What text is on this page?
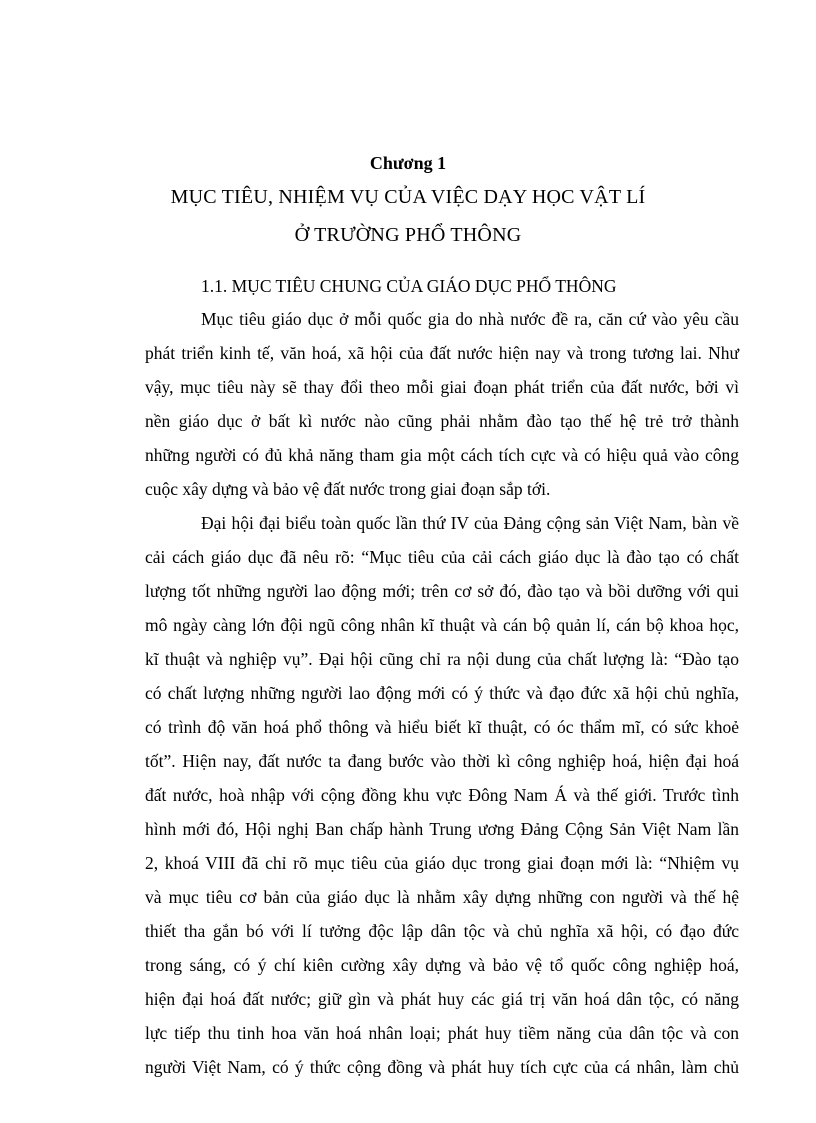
Chương 1
MỤC TIÊU, NHIỆM VỤ CỦA VIỆC DẠY HỌC VẬT LÍ
Ở TRƯỜNG PHỔ THÔNG
1.1. MỤC TIÊU CHUNG CỦA GIÁO DỤC PHỔ THÔNG
Mục tiêu giáo dục ở mỗi quốc gia do nhà nước đề ra, căn cứ vào yêu cầu
phát triển kinh tế, văn hoá, xã hội của đất nước hiện nay và trong tương lai. Như
vậy, mục tiêu này sẽ thay đổi theo mỗi giai đoạn phát triển của đất nước, bởi vì
nền giáo dục ở bất kì nước nào cũng phải nhằm đào tạo thế hệ trẻ trở thành
những người có đủ khả năng tham gia một cách tích cực và có hiệu quả vào công
cuộc xây dựng và bảo vệ đất nước trong giai đoạn sắp tới.
Đại hội đại biểu toàn quốc lần thứ IV của Đảng cộng sản Việt Nam, bàn về
cải cách giáo dục đã nêu rõ: “Mục tiêu của cải cách giáo dục là đào tạo có chất
lượng tốt những người lao động mới; trên cơ sở đó, đào tạo và bồi dưỡng với qui
mô ngày càng lớn đội ngũ công nhân kĩ thuật và cán bộ quản lí, cán bộ khoa học,
kĩ thuật và nghiệp vụ”. Đại hội cũng chỉ ra nội dung của chất lượng là: “Đào tạo
có chất lượng những người lao động mới có ý thức và đạo đức xã hội chủ nghĩa,
có trình độ văn hoá phổ thông và hiểu biết kĩ thuật, có óc thẩm mĩ, có sức khoẻ
tốt”. Hiện nay, đất nước ta đang bước vào thời kì công nghiệp hoá, hiện đại hoá
đất nước, hoà nhập với cộng đồng khu vực Đông Nam Á và thế giới. Trước tình
hình mới đó, Hội nghị Ban chấp hành Trung ương Đảng Cộng Sản Việt Nam lần
2, khoá VIII đã chỉ rõ mục tiêu của giáo dục trong giai đoạn mới là: “Nhiệm vụ
và mục tiêu cơ bản của giáo dục là nhằm xây dựng những con người và thế hệ
thiết tha gắn bó với lí tưởng độc lập dân tộc và chủ nghĩa xã hội, có đạo đức
trong sáng, có ý chí kiên cường xây dựng và bảo vệ tổ quốc công nghiệp hoá,
hiện đại hoá đất nước; giữ gìn và phát huy các giá trị văn hoá dân tộc, có năng
lực tiếp thu tinh hoa văn hoá nhân loại; phát huy tiềm năng của dân tộc và con
người Việt Nam, có ý thức cộng đồng và phát huy tích cực của cá nhân, làm chủ
